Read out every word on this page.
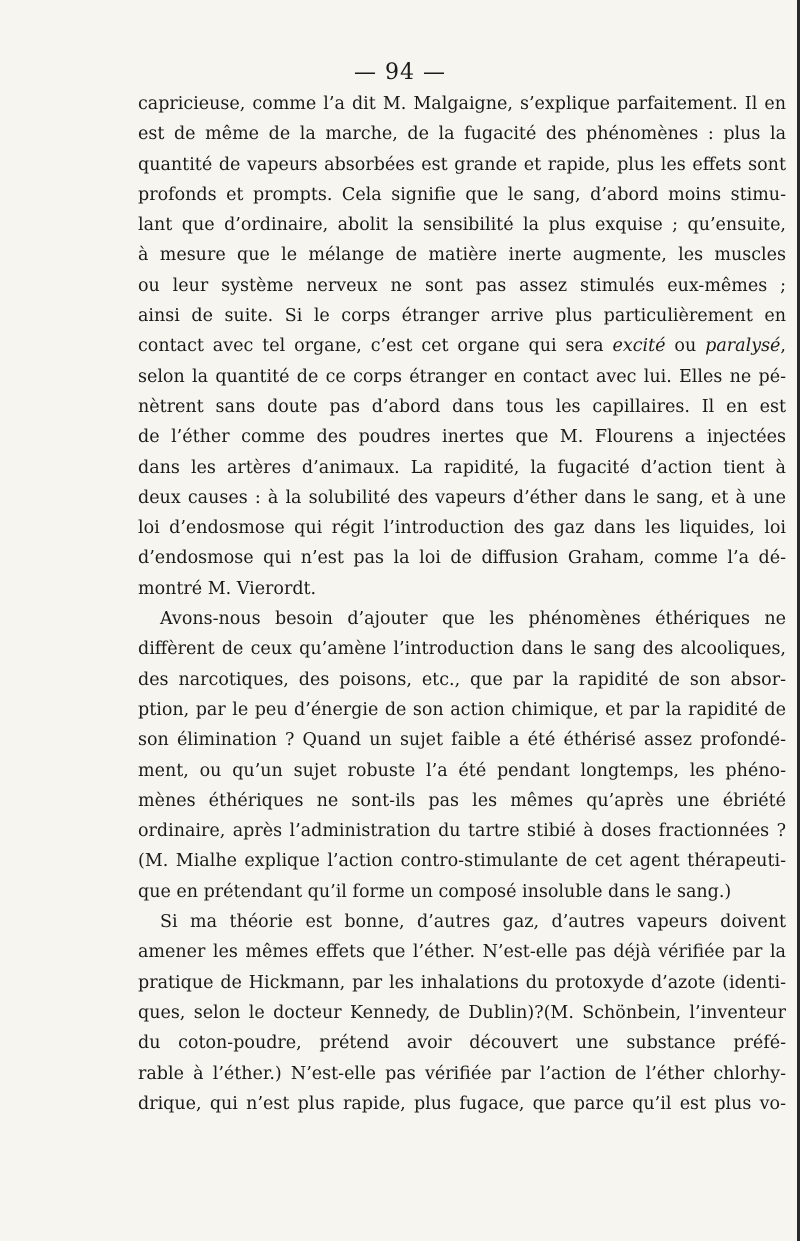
— 94 —
capricieuse, comme l’a dit M. Malgaigne, s’explique parfaitement. Il en
est de même de la marche, de la fugacité des phénomènes : plus la
quantité de vapeurs absorbées est grande et rapide, plus les effets sont
profonds et prompts. Cela signifie que le sang, d’abord moins stimu-
lant que d’ordinaire, abolit la sensibilité la plus exquise ; qu’ensuite,
à mesure que le mélange de matière inerte augmente, les muscles
ou leur système nerveux ne sont pas assez stimulés eux-mêmes ;
ainsi de suite. Si le corps étranger arrive plus particulièrement en
contact avec tel organe, c’est cet organe qui sera excité ou paralysé,
selon la quantité de ce corps étranger en contact avec lui. Elles ne pé-
nètrent sans doute pas d’abord dans tous les capillaires. Il en est
de l’éther comme des poudres inertes que M. Flourens a injectées
dans les artères d’animaux. La rapidité, la fugacité d’action tient à
deux causes : à la solubilité des vapeurs d’éther dans le sang, et à une
loi d’endosmose qui régit l’introduction des gaz dans les liquides, loi
d’endosmose qui n’est pas la loi de diffusion Graham, comme l’a dé-
montré M. Vierordt.
Avons-nous besoin d’ajouter que les phénomènes éthériques ne
diffèrent de ceux qu’amène l’introduction dans le sang des alcooliques,
des narcotiques, des poisons, etc., que par la rapidité de son absor-
ption, par le peu d’énergie de son action chimique, et par la rapidité de
son élimination ? Quand un sujet faible a été éthérisé assez profondé-
ment, ou qu’un sujet robuste l’a été pendant longtemps, les phéno-
mènes éthériques ne sont-ils pas les mêmes qu’après une ébriété
ordinaire, après l’administration du tartre stibié à doses fractionnées ?
(M. Mialhe explique l’action contro-stimulante de cet agent thérapeuti-
que en prétendant qu’il forme un composé insoluble dans le sang.)
Si ma théorie est bonne, d’autres gaz, d’autres vapeurs doivent
amener les mêmes effets que l’éther. N’est-elle pas déjà vérifiée par la
pratique de Hickmann, par les inhalations du protoxyde d’azote (identi-
ques, selon le docteur Kennedy, de Dublin)?(M. Schönbein, l’inventeur
du coton-poudre, prétend avoir découvert une substance préfé-
rable à l’éther.) N’est-elle pas vérifiée par l’action de l’éther chlorhy-
drique, qui n’est plus rapide, plus fugace, que parce qu’il est plus vo-
